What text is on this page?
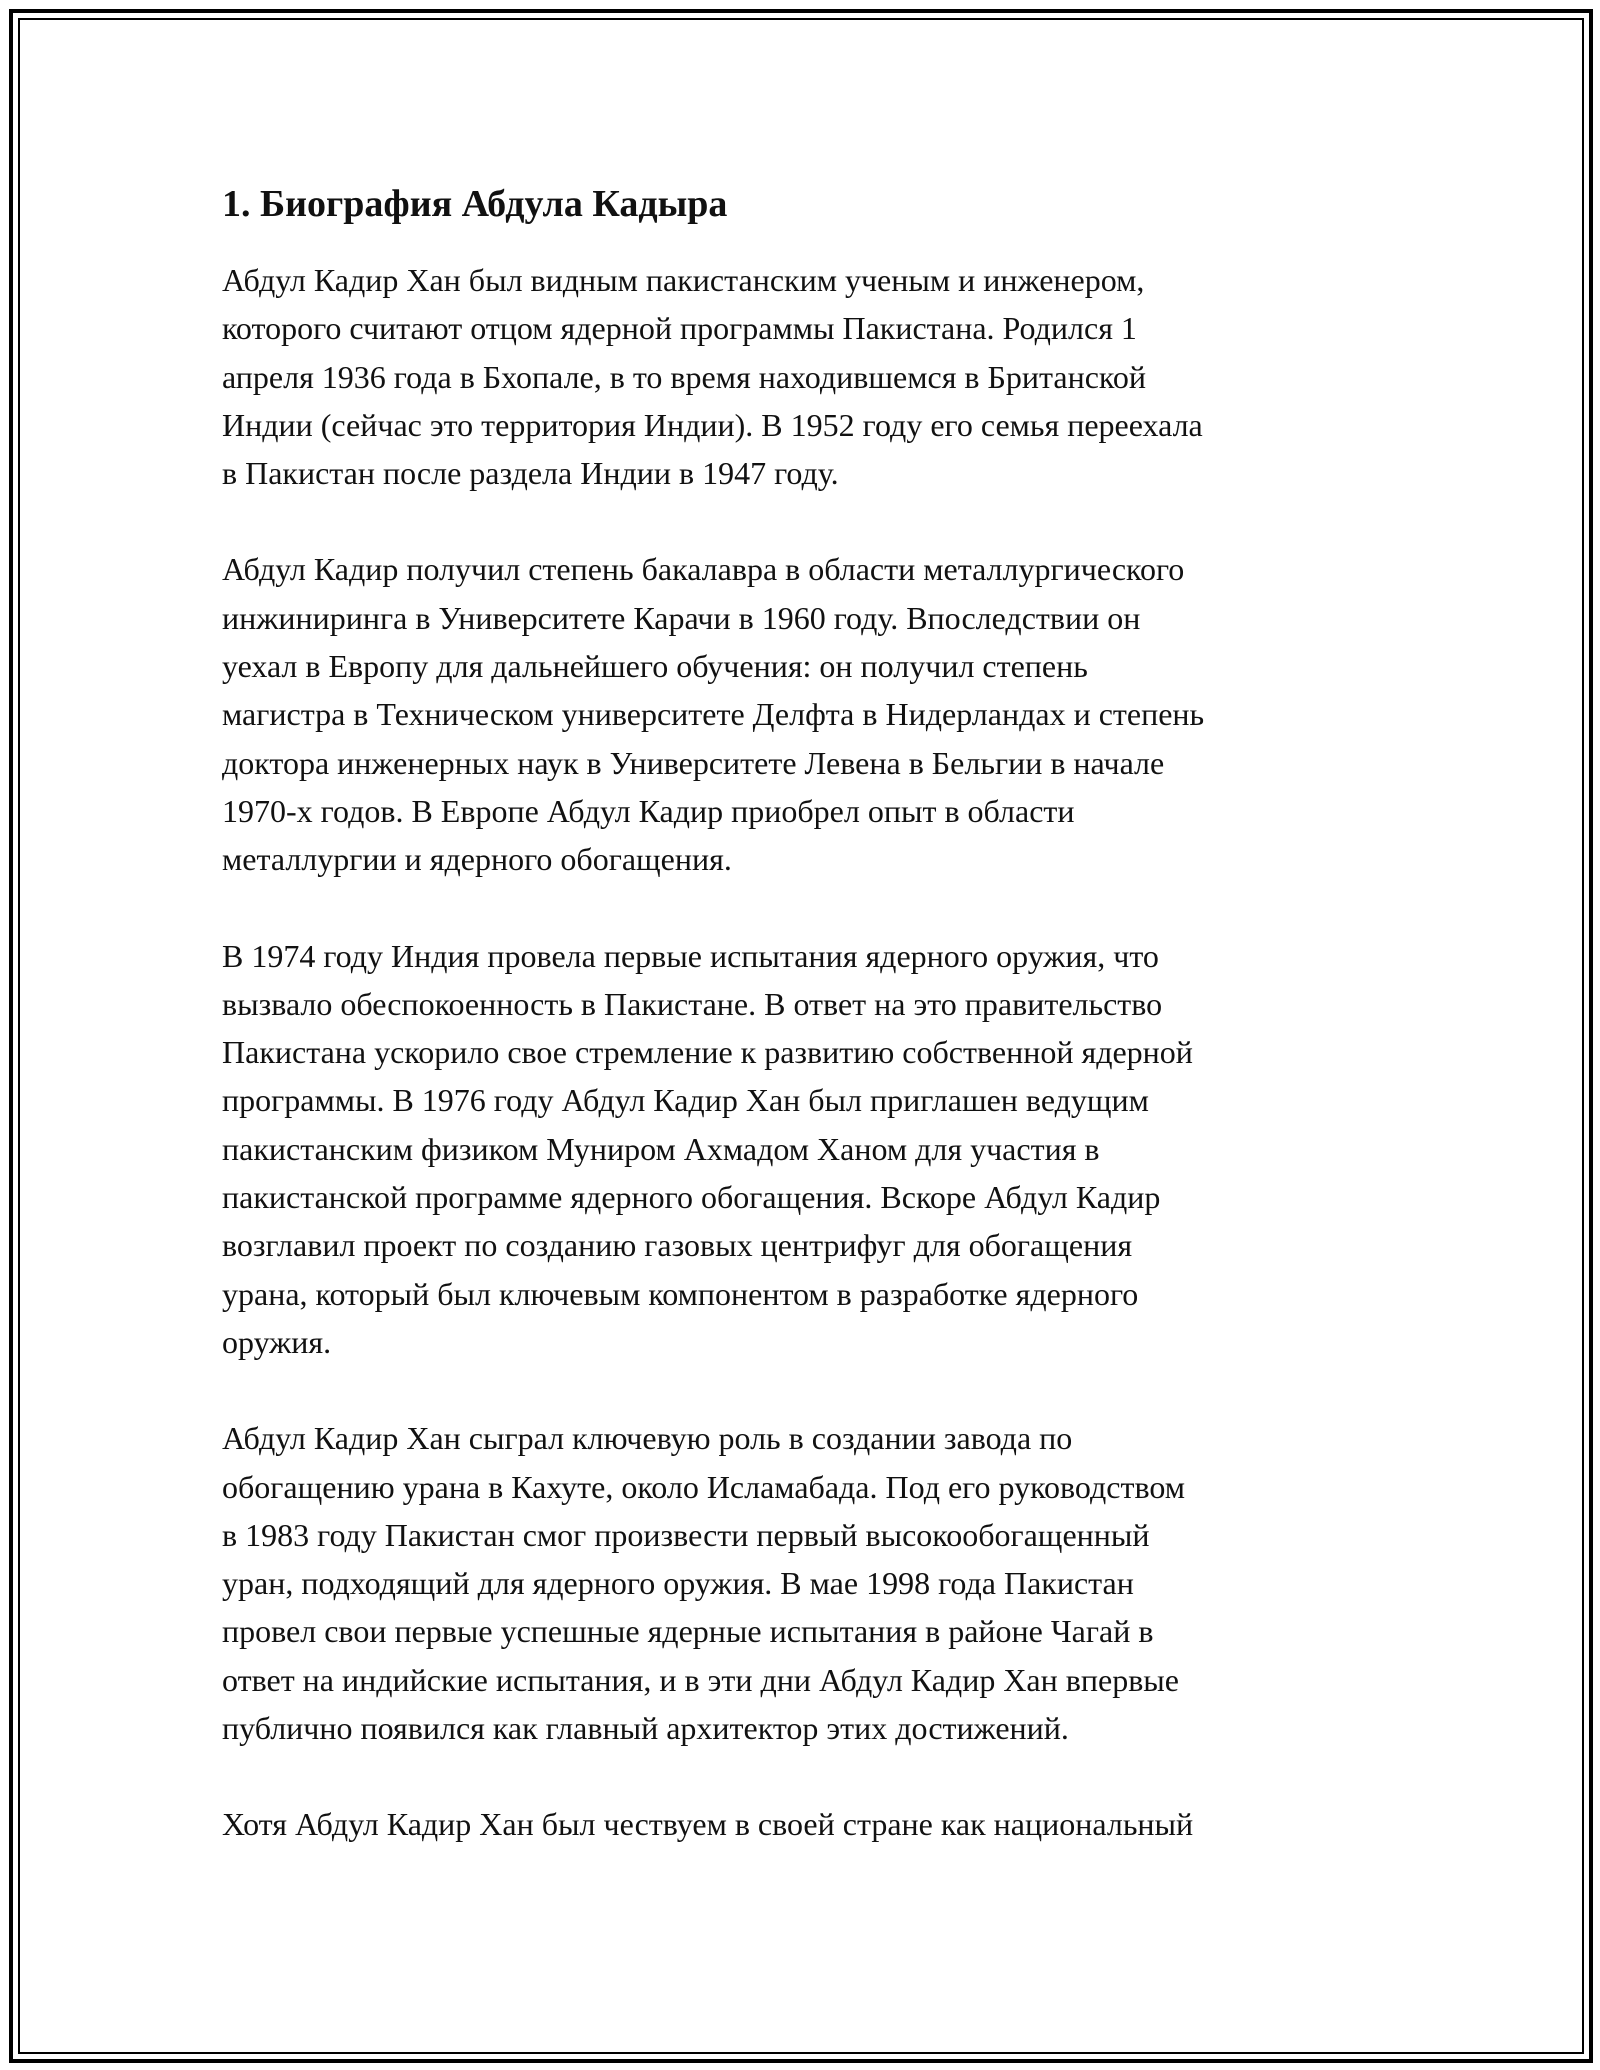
1. Биография Абдула Кадыра

Абдул Кадир Хан был видным пакистанским ученым и инженером,
которого считают отцом ядерной программы Пакистана. Родился 1
апреля 1936 года в Бхопале, в то время находившемся в Британской
Индии (сейчас это территория Индии). В 1952 году его семья переехала
в Пакистан после раздела Индии в 1947 году.

Абдул Кадир получил степень бакалавра в области металлургического
инжиниринга в Университете Карачи в 1960 году. Впоследствии он
уехал в Европу для дальнейшего обучения: он получил степень
магистра в Техническом университете Делфта в Нидерландах и степень
доктора инженерных наук в Университете Левена в Бельгии в начале
1970-х годов. В Европе Абдул Кадир приобрел опыт в области
металлургии и ядерного обогащения.

В 1974 году Индия провела первые испытания ядерного оружия, что
вызвало обеспокоенность в Пакистане. В ответ на это правительство
Пакистана ускорило свое стремление к развитию собственной ядерной
программы. В 1976 году Абдул Кадир Хан был приглашен ведущим
пакистанским физиком Муниром Ахмадом Ханом для участия в
пакистанской программе ядерного обогащения. Вскоре Абдул Кадир
возглавил проект по созданию газовых центрифуг для обогащения
урана, который был ключевым компонентом в разработке ядерного
оружия.

Абдул Кадир Хан сыграл ключевую роль в создании завода по
обогащению урана в Кахуте, около Исламабада. Под его руководством
в 1983 году Пакистан смог произвести первый высокообогащенный
уран, подходящий для ядерного оружия. В мае 1998 года Пакистан
провел свои первые успешные ядерные испытания в районе Чагай в
ответ на индийские испытания, и в эти дни Абдул Кадир Хан впервые
публично появился как главный архитектор этих достижений.

Хотя Абдул Кадир Хан был чествуем в своей стране как национальный
